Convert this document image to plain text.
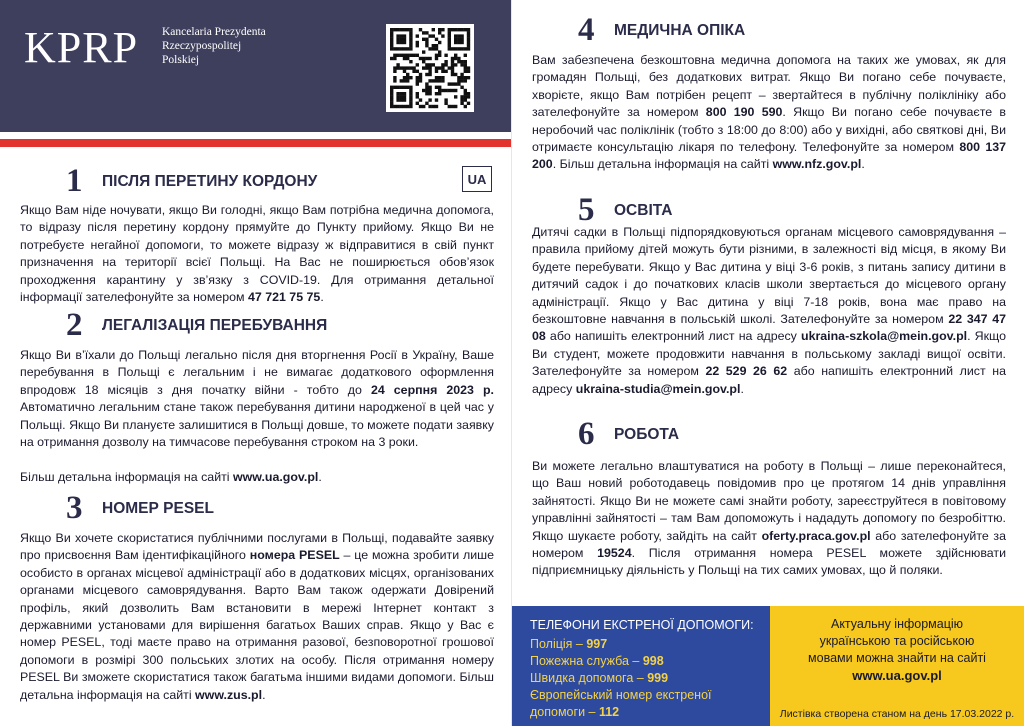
KPRP Kancelaria Prezydenta
Rzeczypospolitej
Polskiej
1	ПІСЛЯ ПЕРЕТИНУ КОРДОНУ	UA
Якщо Вам ніде ночувати, якщо Ви голодні, якщо Вам потрібна медична допомога, то відразу після перетину кордону прямуйте до Пункту прийому. Якщо Ви не потребуєте негайної допомоги, то можете відразу ж відправитися в свій пункт призначення на території всієї Польщі. На Вас не поширюється обов’язок проходження карантину у зв’язку з COVID-19. Для отримання детальної інформації зателефонуйте за номером 47 721 75 75.
2	ЛЕГАЛІЗАЦІЯ ПЕРЕБУВАННЯ
Якщо Ви в’їхали до Польщі легально після дня вторгнення Росії в Україну, Ваше перебування в Польщі є легальним і не вимагає додаткового оформлення впродовж 18 місяців з дня початку війни - тобто до 24 серпня 2023 р. Автоматично легальним стане також перебування дитини народженої в цей час у Польщі. Якщо Ви плануєте залишитися в Польщі довше, то можете подати заявку на отримання дозволу на тимчасове перебування строком на 3 роки.
Більш детальна інформація на сайті www.ua.gov.pl.
3	НОМЕР PESEL
Якщо Ви хочете скористатися публічними послугами в Польщі, подавайте заявку про присвоєння Вам ідентифікаційного номера PESEL – це можна зробити лише особисто в органах місцевої адміністрації або в додаткових місцях, організованих органами місцевого самоврядування. Варто Вам також одержати Довірений профіль, який дозволить Вам встановити в мережі Інтернет контакт з державними установами для вирішення багатьох Ваших справ. Якщо у Вас є номер PESEL, тоді маєте право на отримання разової, безповоротної грошової допомоги в розмірі 300 польських злотих на особу. Після отримання номеру PESEL Ви зможете скористатися також багатьма іншими видами допомоги. Більш детальна інформація на сайті www.zus.pl.
4	МЕДИЧНА ОПІКА
Вам забезпечена безкоштовна медична допомога на таких же умовах, як для громадян Польщі, без додаткових витрат. Якщо Ви погано себе почуваєте, хворієте, якщо Вам потрібен рецепт – звертайтеся в публічну поліклініку або зателефонуйте за номером 800 190 590. Якщо Ви погано себе почуваєте в неробочий час поліклінік (тобто з 18:00 до 8:00) або у вихідні, або святкові дні, Ви отримаєте консультацію лікаря по телефону. Телефонуйте за номером 800 137 200. Більш детальна інформація на сайті www.nfz.gov.pl.
5	ОСВІТА
Дитячі садки в Польщі підпорядковуються органам місцевого самоврядування – правила прийому дітей можуть бути різними, в залежності від місця, в якому Ви будете перебувати. Якщо у Вас дитина у віці 3-6 років, з питань запису дитини в дитячий садок і до початкових класів школи звертається до місцевого органу адміністрації. Якщо у Вас дитина у віці 7-18 років, вона має право на безкоштовне навчання в польській школі. Зателефонуйте за номером 22 347 47 08 або напишіть електронний лист на адресу ukraina-szkola@mein.gov.pl. Якщо Ви студент, можете продовжити навчання в польському закладі вищої освіти. Зателефонуйте за номером 22 529 26 62 або напишіть електронний лист на адресу ukraina-studia@mein.gov.pl.
6	РОБОТА
Ви можете легально влаштуватися на роботу в Польщі – лише переконайтеся, що Ваш новий роботодавець повідомив про це протягом 14 днів управління зайнятості. Якщо Ви не можете самі знайти роботу, зареєструйтеся в повітовому управлінні зайнятості – там Вам допоможуть і нададуть допомогу по безробіттю. Якщо шукаєте роботу, зайдіть на сайт oferty.praca.gov.pl або зателефонуйте за номером 19524. Після отримання номера PESEL можете здійснювати підприємницьку діяльність у Польщі на тих самих умовах, що й поляки.
ТЕЛЕФОНИ ЕКСТРЕНОЇ ДОПОМОГИ:
Поліція – 997
Пожежна служба – 998
Швидка допомога – 999
Європейський номер екстреної
допомоги – 112
Актуальну інформацію
українською та російською
мовами можна знайти на сайті
www.ua.gov.pl
Листівка створена станом на день 17.03.2022 р.
